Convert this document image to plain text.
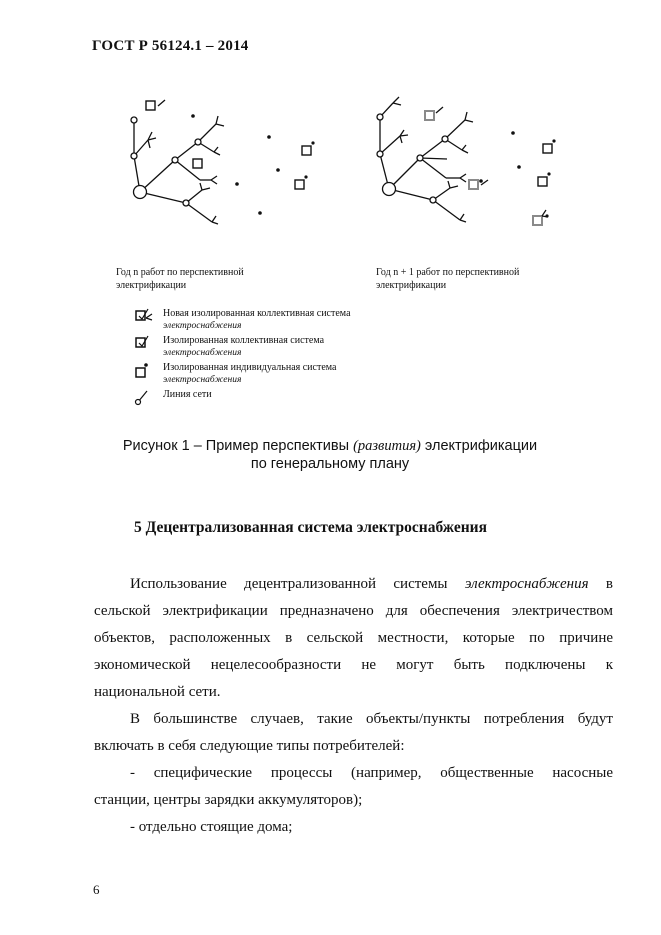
ГОСТ Р 56124.1 – 2014
Год n работ по перспективной
электрификации
Год n + 1 работ по перспективной
электрификации
Новая изолированная коллективная система
электроснабжения
Изолированная коллективная система
электроснабжения
Изолированная индивидуальная система
электроснабжения
Линия сети
Рисунок 1 – Пример перспективы (развития) электрификации
по генеральному плану
5 Децентрализованная система электроснабжения
Использование децентрализованной системы электроснабжения в
сельской электрификации предназначено для обеспечения электричеством
объектов, расположенных в сельской местности, которые по причине
экономической нецелесообразности не могут быть подключены к
национальной сети.
В большинстве случаев, такие объекты/пункты потребления будут
включать в себя следующие типы потребителей:
- специфические процессы (например, общественные насосные
станции, центры зарядки аккумуляторов);
- отдельно стоящие дома;
6
